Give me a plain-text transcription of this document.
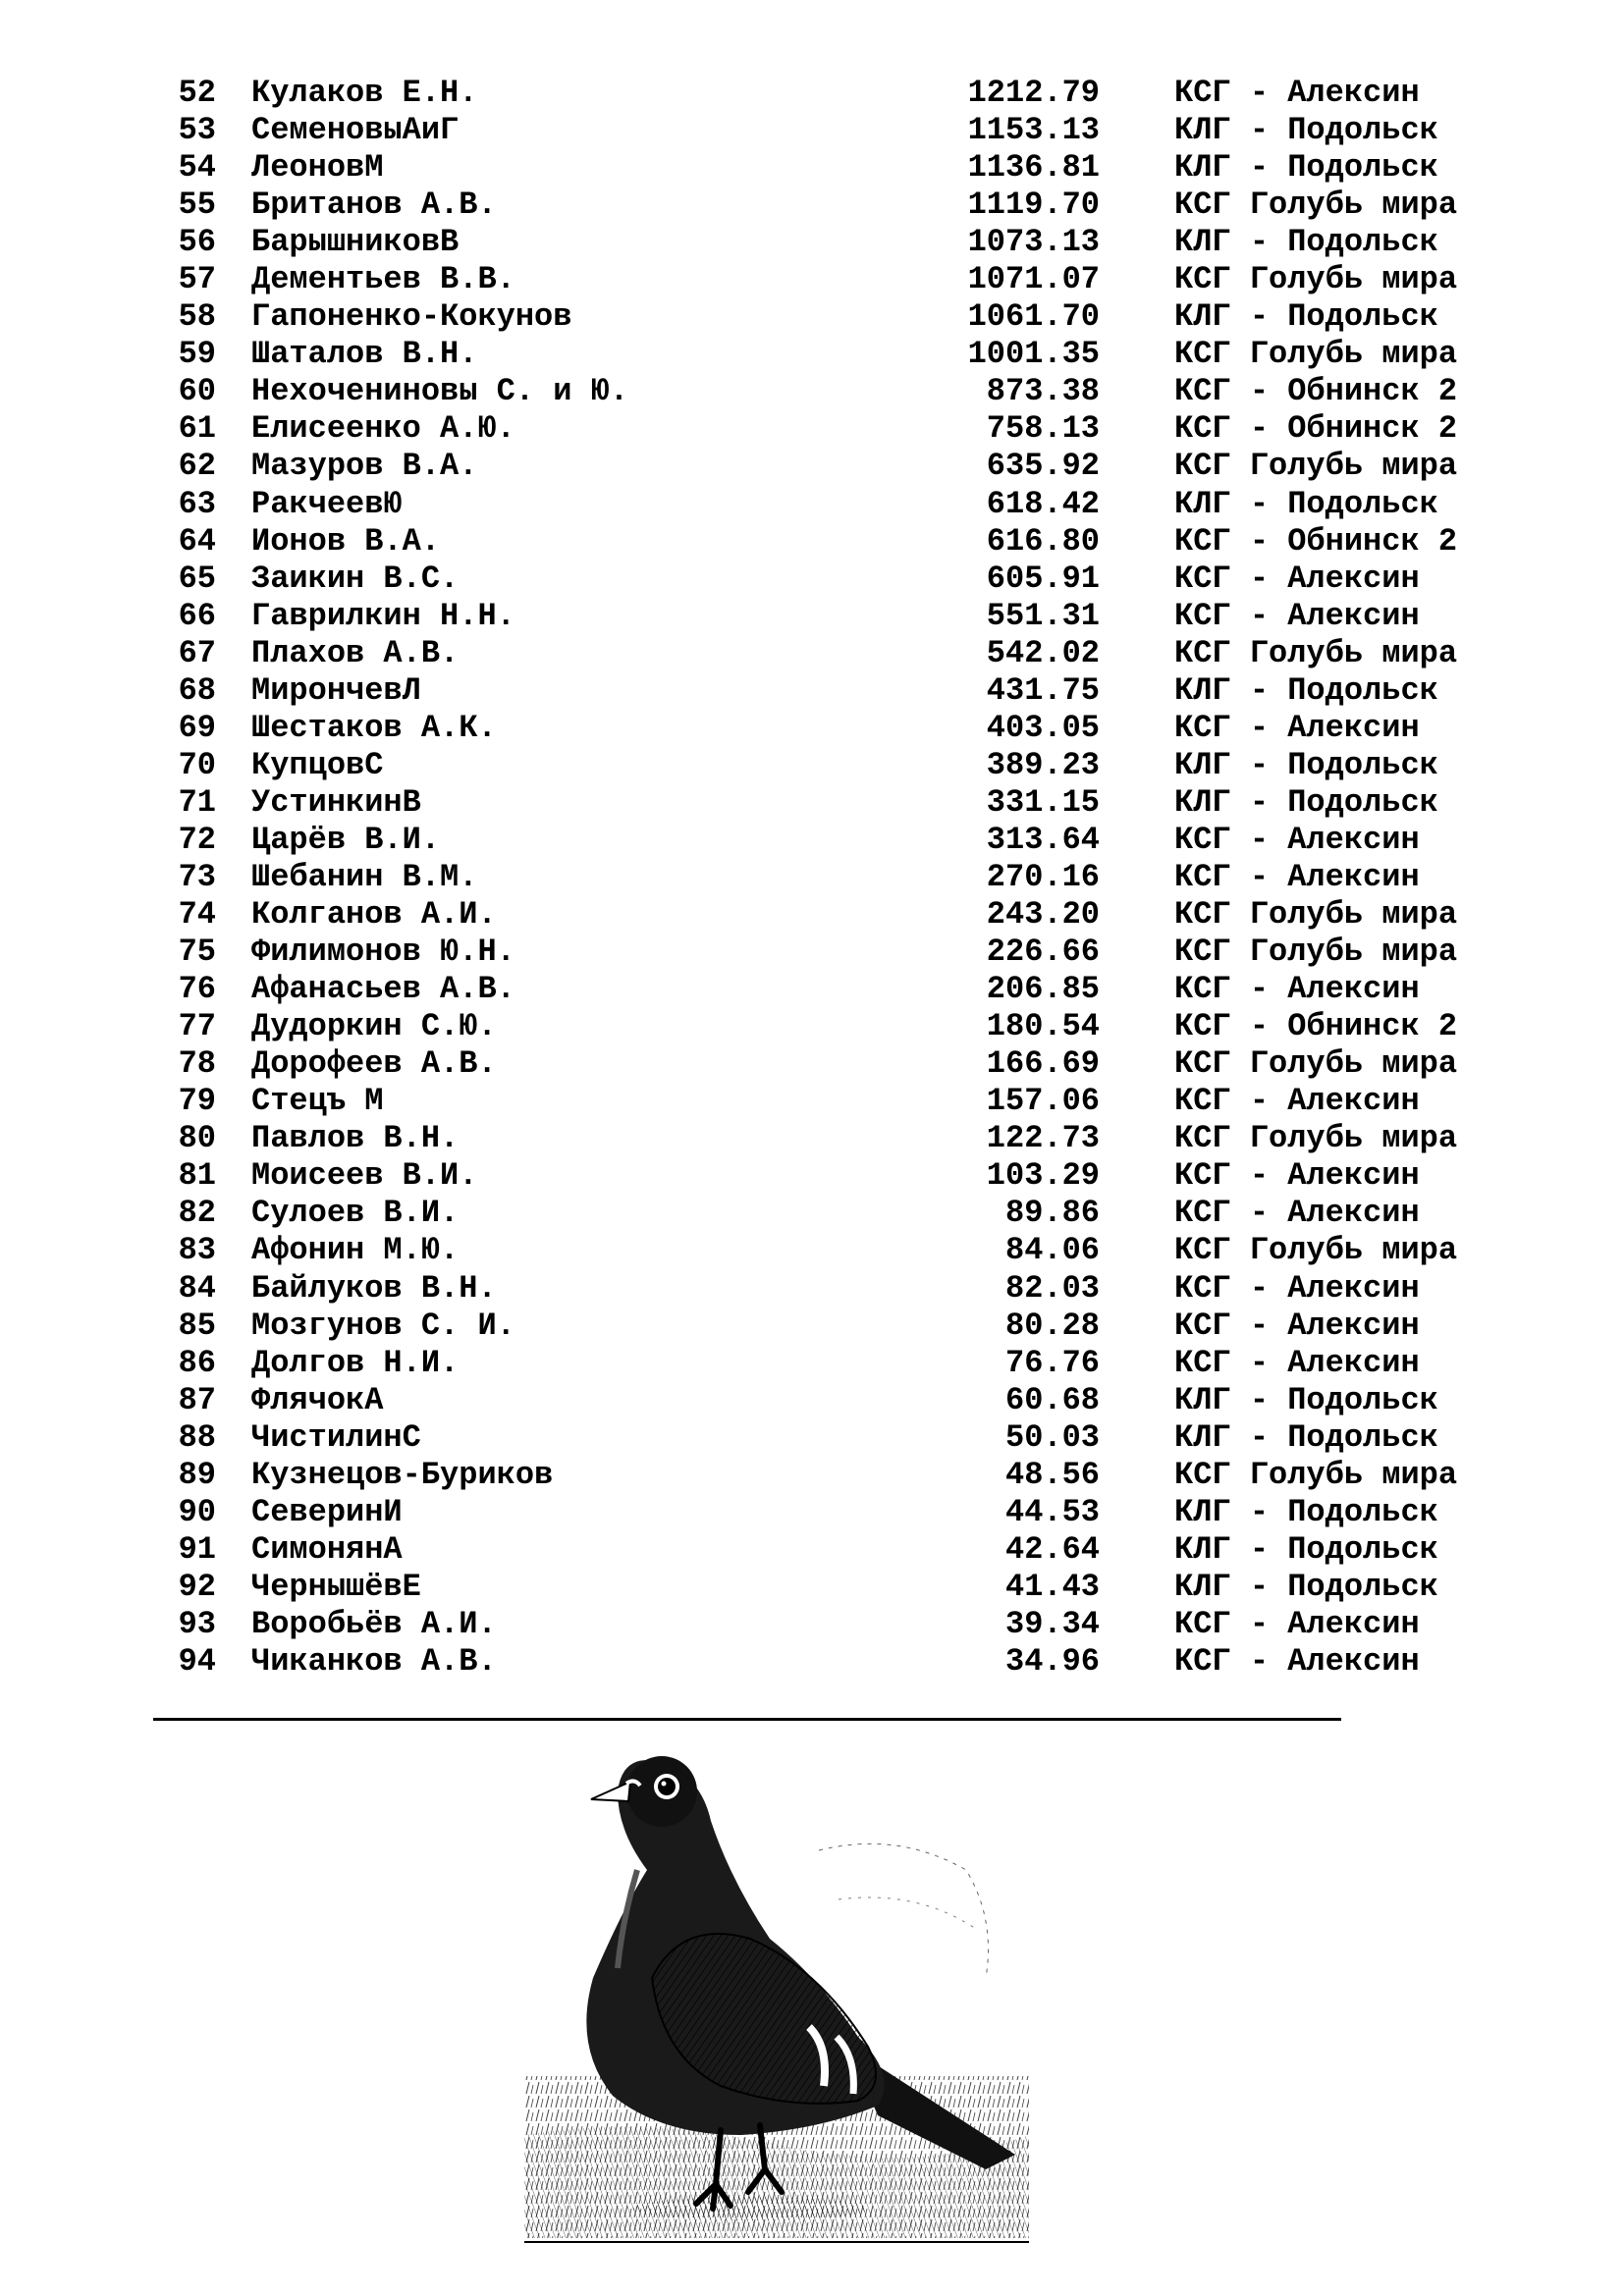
52 Кулаков Е.Н.	1212.79 КСГ - Алексин
53 СеменовыАиГ	1153.13 КЛГ - Подольск
54 ЛеоновМ	1136.81 КЛГ - Подольск
55 Британов А.В.	1119.70 КСГ Голубь мира
56 БарышниковВ	1073.13 КЛГ - Подольск
57 Дементьев В.В.	1071.07 КСГ Голубь мира
58 Гапоненко-Кокунов	1061.70 КЛГ - Подольск
59 Шаталов В.Н.	1001.35 КСГ Голубь мира
60 Нехочениновы С. и Ю.	873.38 КСГ - Обнинск 2
61 Елисеенко А.Ю.	758.13 КСГ - Обнинск 2
62 Мазуров В.А.	635.92 КСГ Голубь мира
63 РакчеевЮ	618.42 КЛГ - Подольск
64 Ионов В.А.	616.80 КСГ - Обнинск 2
65 Заикин В.С.	605.91 КСГ - Алексин
66 Гаврилкин Н.Н.	551.31 КСГ - Алексин
67 Плахов А.В.	542.02 КСГ Голубь мира
68 МирончевЛ	431.75 КЛГ - Подольск
69 Шестаков А.К.	403.05 КСГ - Алексин
70 КупцовС	389.23 КЛГ - Подольск
71 УстинкинВ	331.15 КЛГ - Подольск
72 Царёв В.И.	313.64 КСГ - Алексин
73 Шебанин В.М.	270.16 КСГ - Алексин
74 Колганов А.И.	243.20 КСГ Голубь мира
75 Филимонов Ю.Н.	226.66 КСГ Голубь мира
76 Афанасьев А.В.	206.85 КСГ - Алексин
77 Дудоркин С.Ю.	180.54 КСГ - Обнинск 2
78 Дорофеев А.В.	166.69 КСГ Голубь мира
79 Стецъ М	157.06 КСГ - Алексин
80 Павлов В.Н.	122.73 КСГ Голубь мира
81 Моисеев В.И.	103.29 КСГ - Алексин
82 Сулоев В.И.	89.86 КСГ - Алексин
83 Афонин М.Ю.	84.06 КСГ Голубь мира
84 Байлуков В.Н.	82.03 КСГ - Алексин
85 Мозгунов С. И.	80.28 КСГ - Алексин
86 Долгов Н.И.	76.76 КСГ - Алексин
87 ФлячокА	60.68 КЛГ - Подольск
88 ЧистилинС	50.03 КЛГ - Подольск
89 Кузнецов-Буриков	48.56 КСГ Голубь мира
90 СеверинИ	44.53 КЛГ - Подольск
91 СимонянА	42.64 КЛГ - Подольск
92 ЧернышёвЕ	41.43 КЛГ - Подольск
93 Воробьёв А.И.	39.34 КСГ - Алексин
94 Чиканков А.В.	34.96 КСГ - Алексин
